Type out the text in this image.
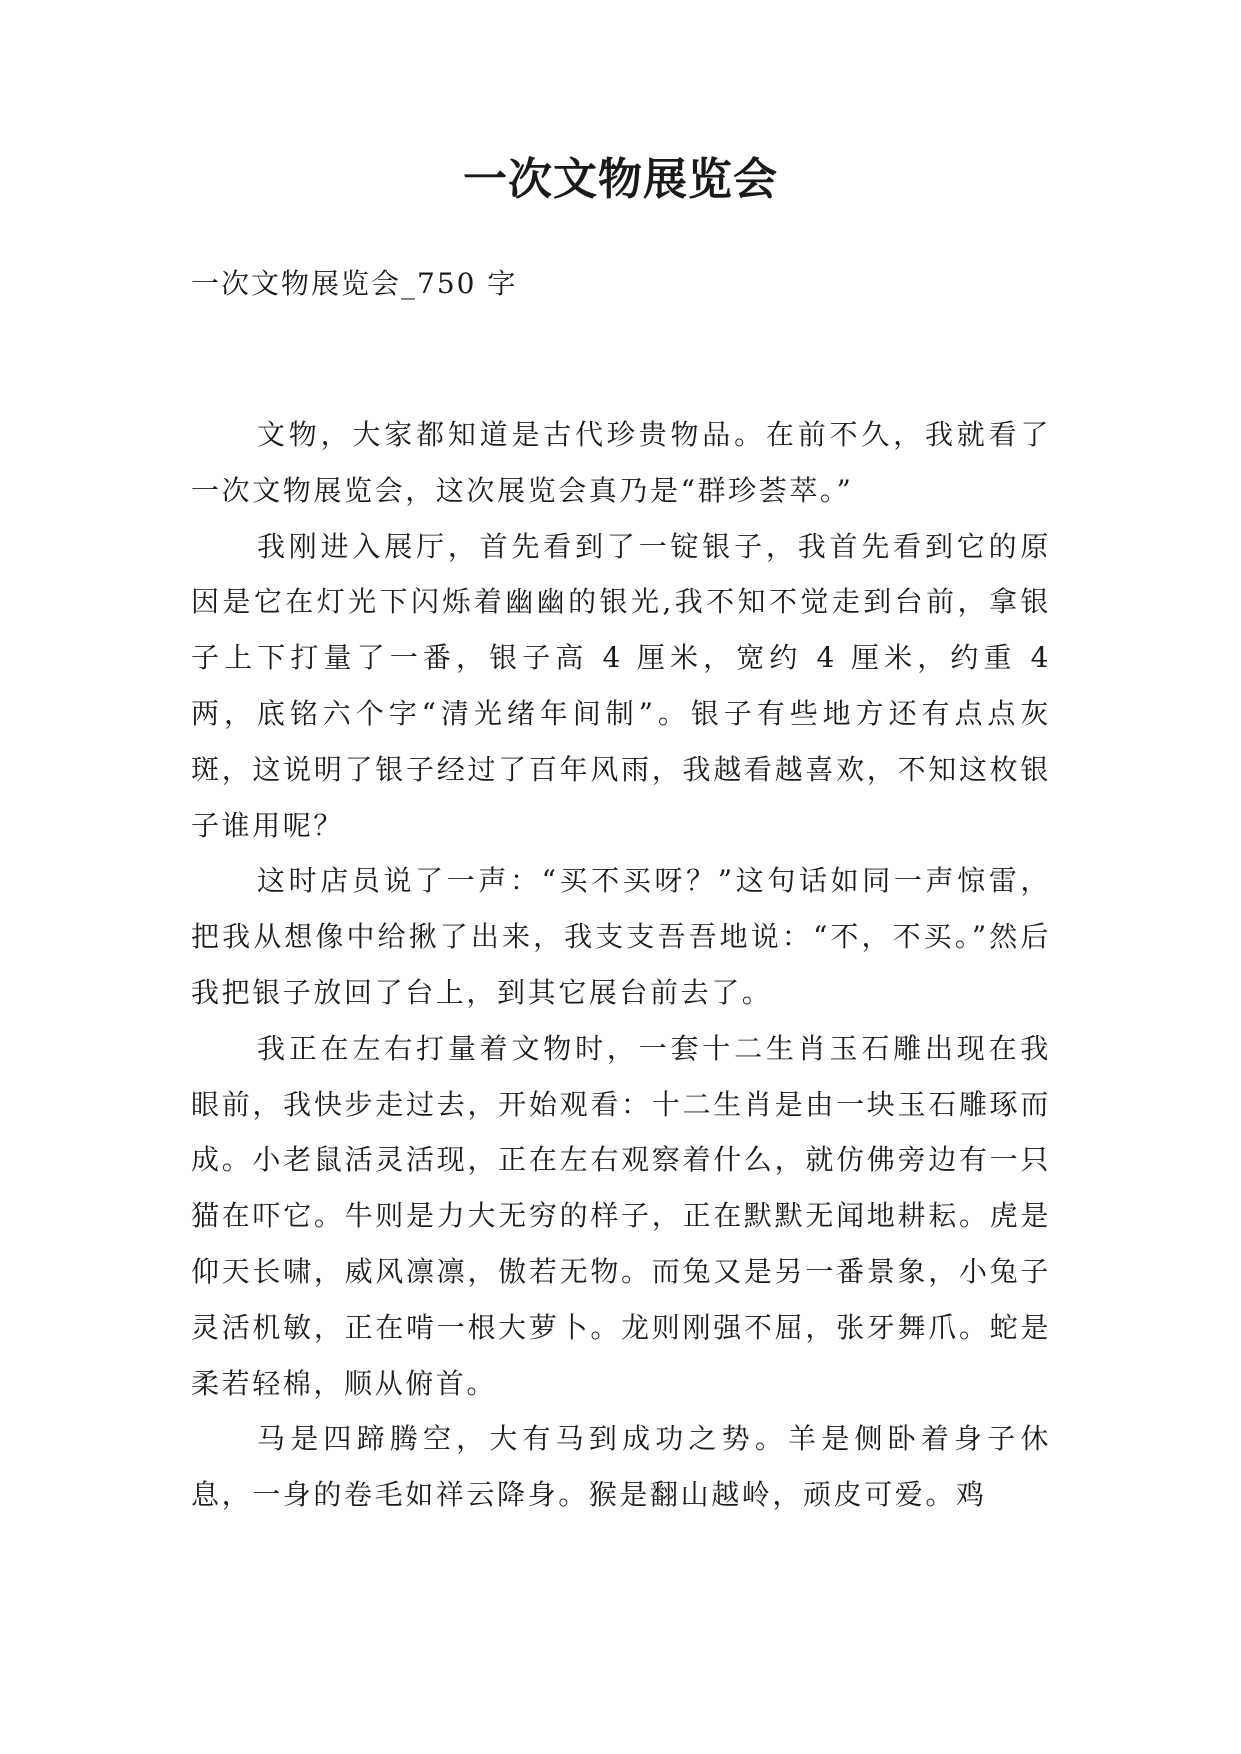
一次文物展览会

一次文物展览会_750 字

文物，大家都知道是古代珍贵物品。在前不久，我就看了一次文物展览会，这次展览会真乃是“群珍荟萃。”

我刚进入展厅，首先看到了一锭银子，我首先看到它的原因是它在灯光下闪烁着幽幽的银光,我不知不觉走到台前，拿银子上下打量了一番，银子高 4 厘米，宽约 4 厘米，约重 4 两，底铭六个字“清光绪年间制”。银子有些地方还有点点灰斑，这说明了银子经过了百年风雨，我越看越喜欢，不知这枚银子谁用呢？

这时店员说了一声：“买不买呀？”这句话如同一声惊雷，把我从想像中给揪了出来，我支支吾吾地说：“不，不买。”然后我把银子放回了台上，到其它展台前去了。

我正在左右打量着文物时，一套十二生肖玉石雕出现在我眼前，我快步走过去，开始观看：十二生肖是由一块玉石雕琢而成。小老鼠活灵活现，正在左右观察着什么，就仿佛旁边有一只猫在吓它。牛则是力大无穷的样子，正在默默无闻地耕耘。虎是仰天长啸，威风凛凛，傲若无物。而兔又是另一番景象，小兔子灵活机敏，正在啃一根大萝卜。龙则刚强不屈，张牙舞爪。蛇是柔若轻棉，顺从俯首。

马是四蹄腾空，大有马到成功之势。羊是侧卧着身子休息，一身的卷毛如祥云降身。猴是翻山越岭，顽皮可爱。鸡
